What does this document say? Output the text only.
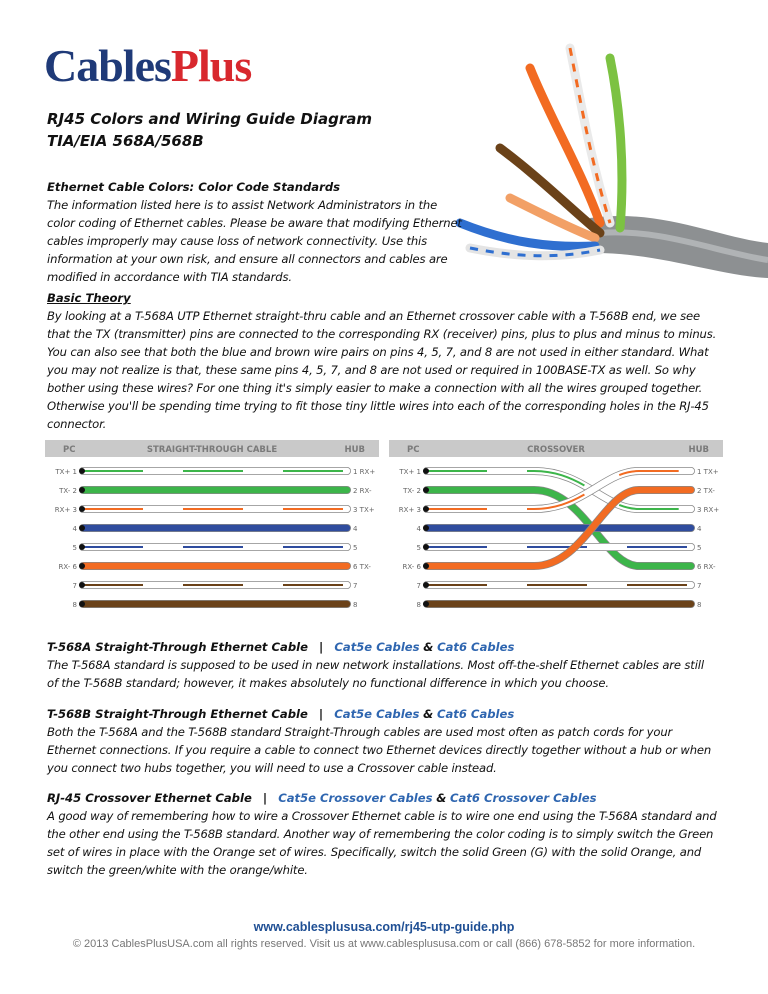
CablesPlus
RJ45 Colors and Wiring Guide Diagram
TIA/EIA 568A/568B
Ethernet Cable Colors: Color Code Standards

The information listed here is to assist Network Administrators in the

color coding of Ethernet cables. Please be aware that modifying Ethernet

cables improperly may cause loss of network connectivity. Use this

information at your own risk, and ensure all connectors and cables are

modified in accordance with TIA standards.

Basic Theory

By looking at a T-568A UTP Ethernet straight-thru cable and an Ethernet crossover cable with a T-568B end, we see

that the TX (transmitter) pins are connected to the corresponding RX (receiver) pins, plus to plus and minus to minus.

You can also see that both the blue and brown wire pairs on pins 4, 5, 7, and 8 are not used in either standard. What

you may not realize is that, these same pins 4, 5, 7, and 8 are not used or required in 100BASE-TX as well. So why

bother using these wires? For one thing it's simply easier to make a connection with all the wires grouped together.

Otherwise you'll be spending time trying to fit those tiny little wires into each of the corresponding holes in the RJ-45

connector.

PC	STRAIGHT-THROUGH CABLE	HUB
TX+ 1	1 RX+
TX- 2	2 RX-
RX+ 3	3 TX+
4	4
5	5
RX- 6	6 TX-
7	7
8	8
PC	CROSSOVER	HUB
TX+ 1	1 TX+
TX- 2	2 TX-
RX+ 3	3 RX+
4	4
5	5
RX- 6	6 RX-
7	7
8	8
T-568A Straight-Through Ethernet Cable | Cat5e Cables & Cat6 Cables

The T-568A standard is supposed to be used in new network installations. Most off-the-shelf Ethernet cables are still

of the T-568B standard; however, it makes absolutely no functional difference in which you choose.

T-568B Straight-Through Ethernet Cable | Cat5e Cables & Cat6 Cables

Both the T-568A and the T-568B standard Straight-Through cables are used most often as patch cords for your

Ethernet connections. If you require a cable to connect two Ethernet devices directly together without a hub or when

you connect two hubs together, you will need to use a Crossover cable instead.

RJ-45 Crossover Ethernet Cable | Cat5e Crossover Cables & Cat6 Crossover Cables

A good way of remembering how to wire a Crossover Ethernet cable is to wire one end using the T-568A standard and

the other end using the T-568B standard. Another way of remembering the color coding is to simply switch the Green

set of wires in place with the Orange set of wires. Specifically, switch the solid Green (G) with the solid Orange, and

switch the green/white with the orange/white.

www.cablesplususa.com/rj45-utp-guide.php
© 2013 CablesPlusUSA.com all rights reserved. Visit us at www.cablesplususa.com or call (866) 678-5852 for more information.
